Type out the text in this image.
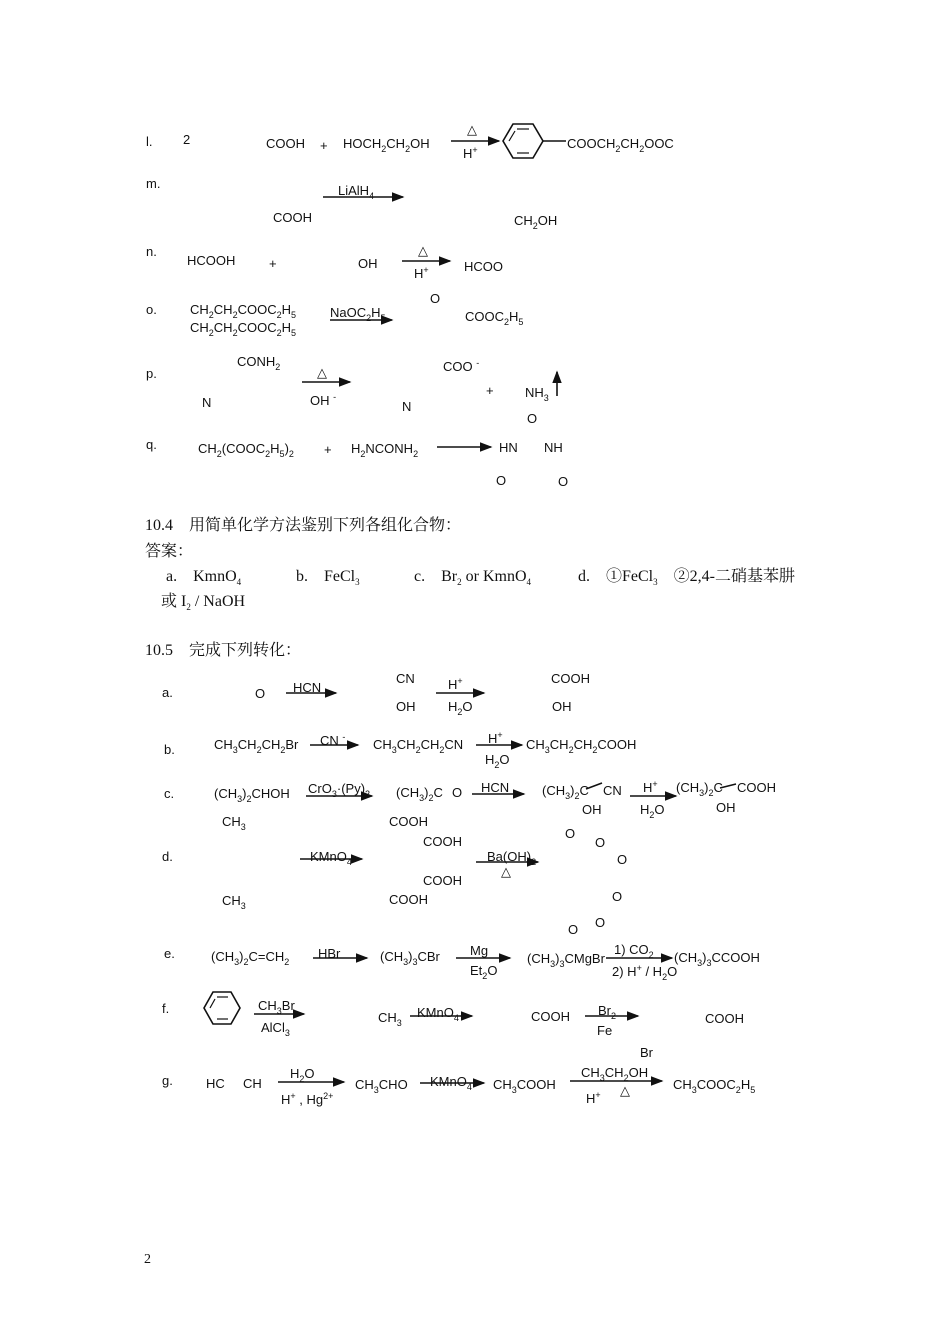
l. 2	COOH + $HOCH_2CH_2OH$
△
H+	$COOCH_2CH_2OOC$
m.	LiAlH$_4$
COOH	$CH_2OH$
n.
HCOOH	+	OH
△
H+	HCOO
O
o.	$CH_2CH_2COOC_2H_5$
$CH_2CH_2COOC_2H_5$
$NaOC_2H_5$	$COOC_2H_5$
$CONH_2$
p.	△	COO -
+ $NH_3$
N	OH -
N
O
q.	$CH_2(COOC_2H_5)_2$ + $H_2NCONH_2$	HN NH
O	O
10.4　用简单化学方法鉴别下列各组化合物：
答案：
a.　KmnO$_4$	b.　FeCl$_3$	c.　$Br_2$ or KmnO$_4$	d.　①FeCl$_3$　②2,4-二硝基苯肼
或 $I_2$ / NaOH
10.5　完成下列转化：
CN	COOH
H+
HCN
a.	O
OH	$H_2O$	OH
H+
CN -
$CH_3CH_2CH_2Br$	$CH_3CH_2CH_2CN$	$CH_3CH_2CH_2COOH$
b.
$H_2O$
$CrO_3\cdot(Py)_2$	HCN	H+ $(CH_3)_2C$ COOH
c.	$(CH_3)_2CHOH$	$(CH_3)_2C$ O	$(CH_3)_2C$ CN
OH	OH
$H_2O$
$CH_3$	COOH
O
COOH	O
d.	KMnO$_4$	$Ba(OH)_2$	O
△
COOH
O
$CH_3$	COOH
O
O
1) $CO_2$
Mg
e.	HBr
$(CH_3)_2C=CH_2$	$(CH_3)_3CBr$	$(CH_3)_3CMgBr$	$(CH_3)_3CCOOH$
$Et_2O$	2) $H^+ / H_2O$
$CH_3Br$
f.	$Br_2$
KMnO$_4$
$CH_3$	COOH	COOH
AlCl$_3$	Fe
Br
$CH_3CH_2OH$
$H_2O$
KMnO$_4$
g.	HC CH	$CH_3CHO$	$CH_3COOH$	$CH_3COOC_2H_5$
△
H+ , $Hg^{2+}$	H+
2
